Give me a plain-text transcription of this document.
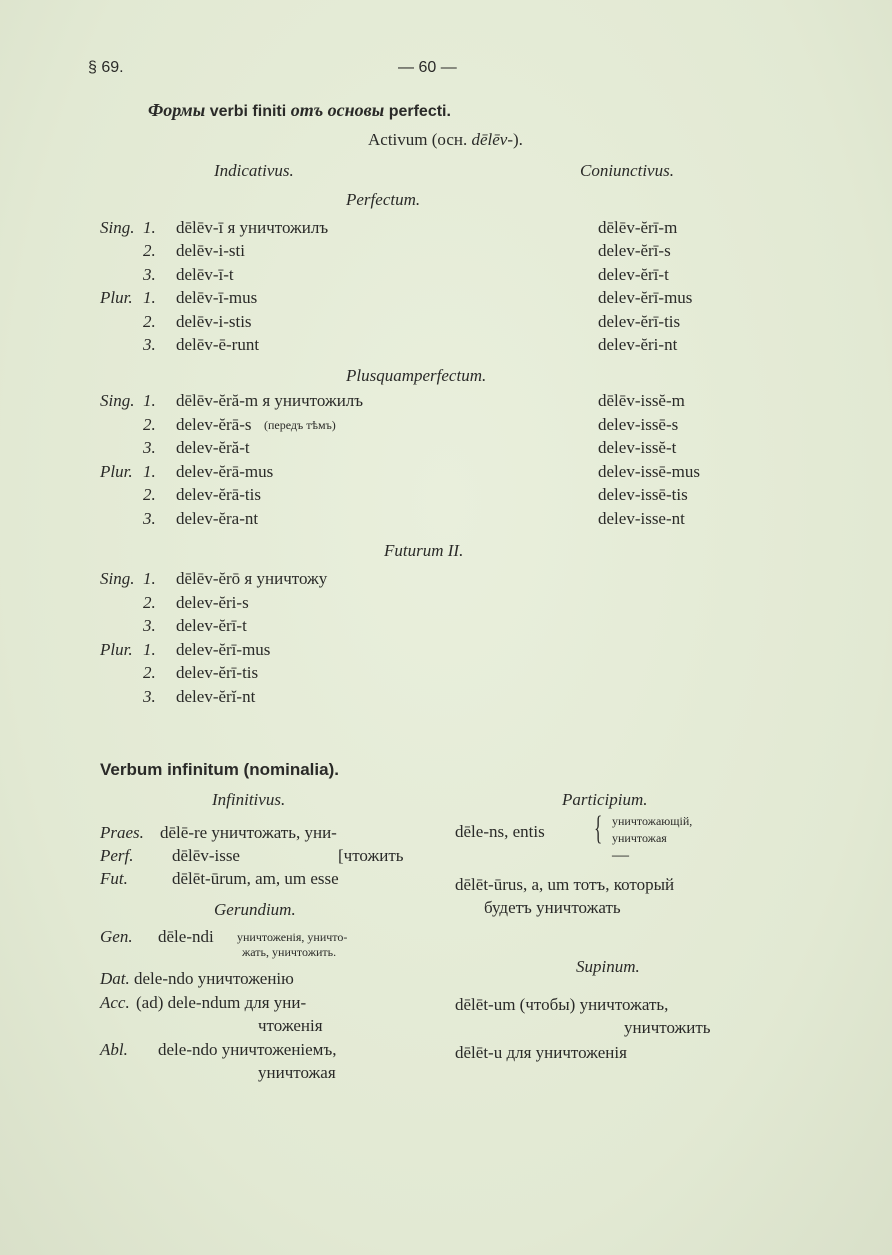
§ 69.	— 60 —
Формы verbi finiti отъ основы perfecti.
Activum (осн. dēlēv-).
Indicativus.	Coniunctivus.
Perfectum.
Sing. 1. dēlēv-ī я уничтожилъ	dēlēv-ĕrī-m
2. delēv-i-sti	delev-ĕrī-s
3. delēv-ī-t	delev-ĕrī-t
Plur. 1. delēv-ī-mus	delev-ĕrī-mus
2. delēv-i-stis	delev-ĕrī-tis
3. delēv-ē-runt	delev-ĕri-nt
Plusquamperfectum.
Sing. 1. dēlēv-ĕră-m я уничтожилъ	dēlēv-issĕ-m
2. delev-ĕrā-s (передъ тѣмъ)	delev-issē-s
3. delev-ĕră-t	delev-issĕ-t
Plur. 1. delev-ĕrā-mus	delev-issē-mus
2. delev-ĕrā-tis	delev-issē-tis
3. delev-ĕra-nt	delev-isse-nt
Futurum II.
Sing. 1. dēlēv-ĕrō я уничтожу
2. delev-ĕri-s
3. delev-ĕrī-t
Plur. 1. delev-ĕrī-mus
2. delev-ĕrī-tis
3. delev-ĕrĭ-nt
Verbum infinitum (nominalia).
Infinitivus.	Participium.
Praes. dēlē-re уничтожать, уни-
Perf. dēlēv-isse	[чтожить
Fut.	dēlēt-ūrum, am, um esse
dēle-ns, entis { уничтожающій,
уничтожая
—
dēlēt-ūrus, a, um тотъ, который
будетъ уничтожать
Gerundium.
Gen. dēle-ndi уничтоженія, уничто-
жать, уничтожить.
Dat. dele-ndo уничтоженію
Acc. (ad) dele-ndum для уни-
чтоженія
Abl. dele-ndo уничтоженіемъ,
уничтожая
Supinum.
dēlēt-um (чтобы) уничтожать,
уничтожить
dēlēt-u для уничтоженія
